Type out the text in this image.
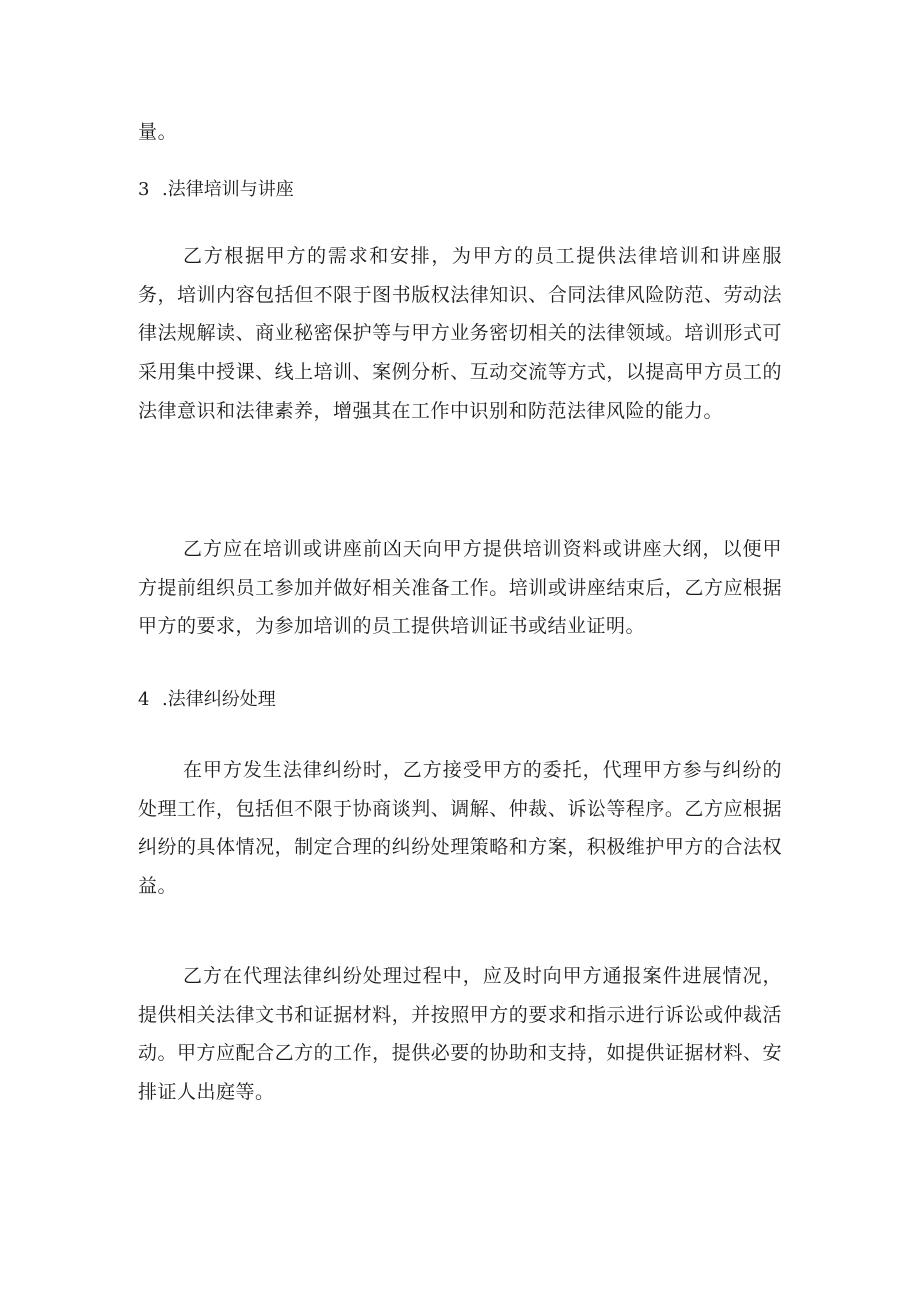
量。
3 .法律培训与讲座

乙方根据甲方的需求和安排，为甲方的员工提供法律培训和讲座服务，培训内容包括但不限于图书版权法律知识、合同法律风险防范、劳动法律法规解读、商业秘密保护等与甲方业务密切相关的法律领域。培训形式可采用集中授课、线上培训、案例分析、互动交流等方式，以提高甲方员工的法律意识和法律素养，增强其在工作中识别和防范法律风险的能力。

乙方应在培训或讲座前凶天向甲方提供培训资料或讲座大纲，以便甲方提前组织员工参加并做好相关准备工作。培训或讲座结束后，乙方应根据甲方的要求，为参加培训的员工提供培训证书或结业证明。

4 .法律纠纷处理

在甲方发生法律纠纷时，乙方接受甲方的委托，代理甲方参与纠纷的处理工作，包括但不限于协商谈判、调解、仲裁、诉讼等程序。乙方应根据纠纷的具体情况，制定合理的纠纷处理策略和方案，积极维护甲方的合法权益。

乙方在代理法律纠纷处理过程中，应及时向甲方通报案件进展情况，提供相关法律文书和证据材料，并按照甲方的要求和指示进行诉讼或仲裁活动。甲方应配合乙方的工作，提供必要的协助和支持，如提供证据材料、安排证人出庭等。
